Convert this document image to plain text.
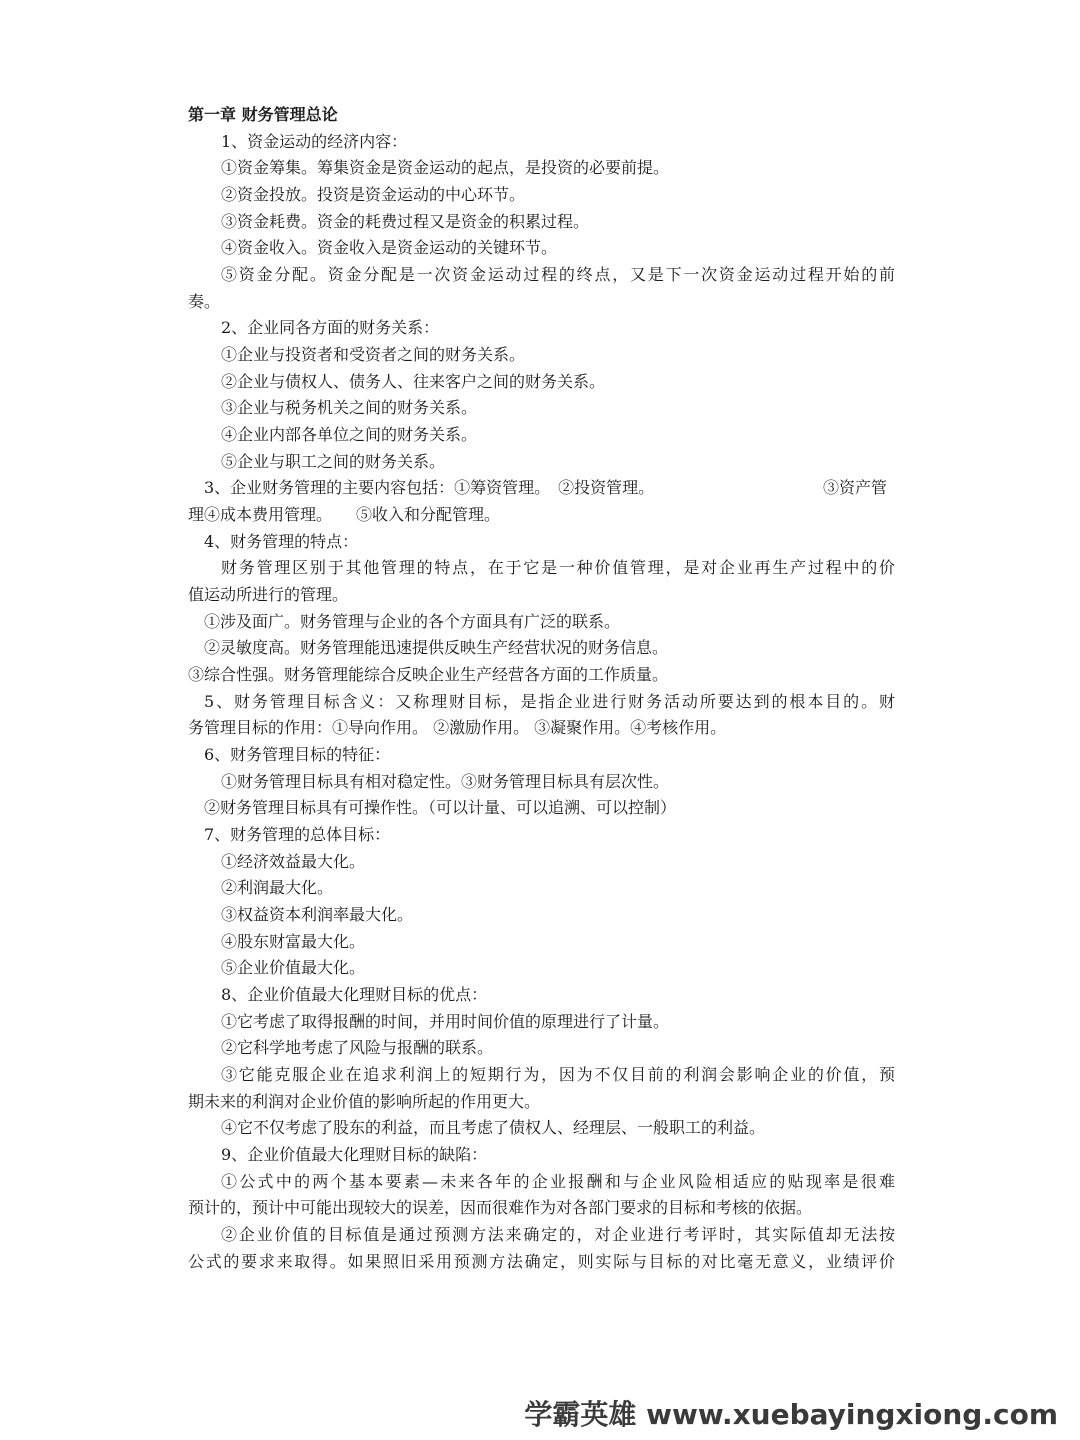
第一章 财务管理总论
1、资金运动的经济内容：
①资金筹集。筹集资金是资金运动的起点，是投资的必要前提。
②资金投放。投资是资金运动的中心环节。
③资金耗费。资金的耗费过程又是资金的积累过程。
④资金收入。资金收入是资金运动的关键环节。
⑤资金分配。资金分配是一次资金运动过程的终点，又是下一次资金运动过程开始的前
奏。
2、企业同各方面的财务关系：
①企业与投资者和受资者之间的财务关系。
②企业与债权人、债务人、往来客户之间的财务关系。
③企业与税务机关之间的财务关系。
④企业内部各单位之间的财务关系。
⑤企业与职工之间的财务关系。
3、企业财务管理的主要内容包括：①筹资管理。　②投资管理。	③资产管
理④成本费用管理。　　⑤收入和分配管理。
4、财务管理的特点：
财务管理区别于其他管理的特点，在于它是一种价值管理，是对企业再生产过程中的价
值运动所进行的管理。
①涉及面广。财务管理与企业的各个方面具有广泛的联系。
②灵敏度高。财务管理能迅速提供反映生产经营状况的财务信息。
③综合性强。财务管理能综合反映企业生产经营各方面的工作质量。
5、财务管理目标含义：又称理财目标，是指企业进行财务活动所要达到的根本目的。财
务管理目标的作用：①导向作用。 ②激励作用。 ③凝聚作用。④考核作用。
6、财务管理目标的特征：
①财务管理目标具有相对稳定性。③财务管理目标具有层次性。
②财务管理目标具有可操作性。（可以计量、可以追溯、可以控制）
7、财务管理的总体目标：
①经济效益最大化。
②利润最大化。
③权益资本利润率最大化。
④股东财富最大化。
⑤企业价值最大化。
8、企业价值最大化理财目标的优点：
①它考虑了取得报酬的时间，并用时间价值的原理进行了计量。
②它科学地考虑了风险与报酬的联系。
③它能克服企业在追求利润上的短期行为，因为不仅目前的利润会影响企业的价值，预
期未来的利润对企业价值的影响所起的作用更大。
④它不仅考虑了股东的利益，而且考虑了债权人、经理层、一般职工的利益。
9、企业价值最大化理财目标的缺陷：
①公式中的两个基本要素—未来各年的企业报酬和与企业风险相适应的贴现率是很难
预计的，预计中可能出现较大的误差，因而很难作为对各部门要求的目标和考核的依据。
②企业价值的目标值是通过预测方法来确定的，对企业进行考评时，其实际值却无法按
公式的要求来取得。如果照旧采用预测方法确定，则实际与目标的对比毫无意义，业绩评价
学霸英雄 www.xuebayingxiong.com
